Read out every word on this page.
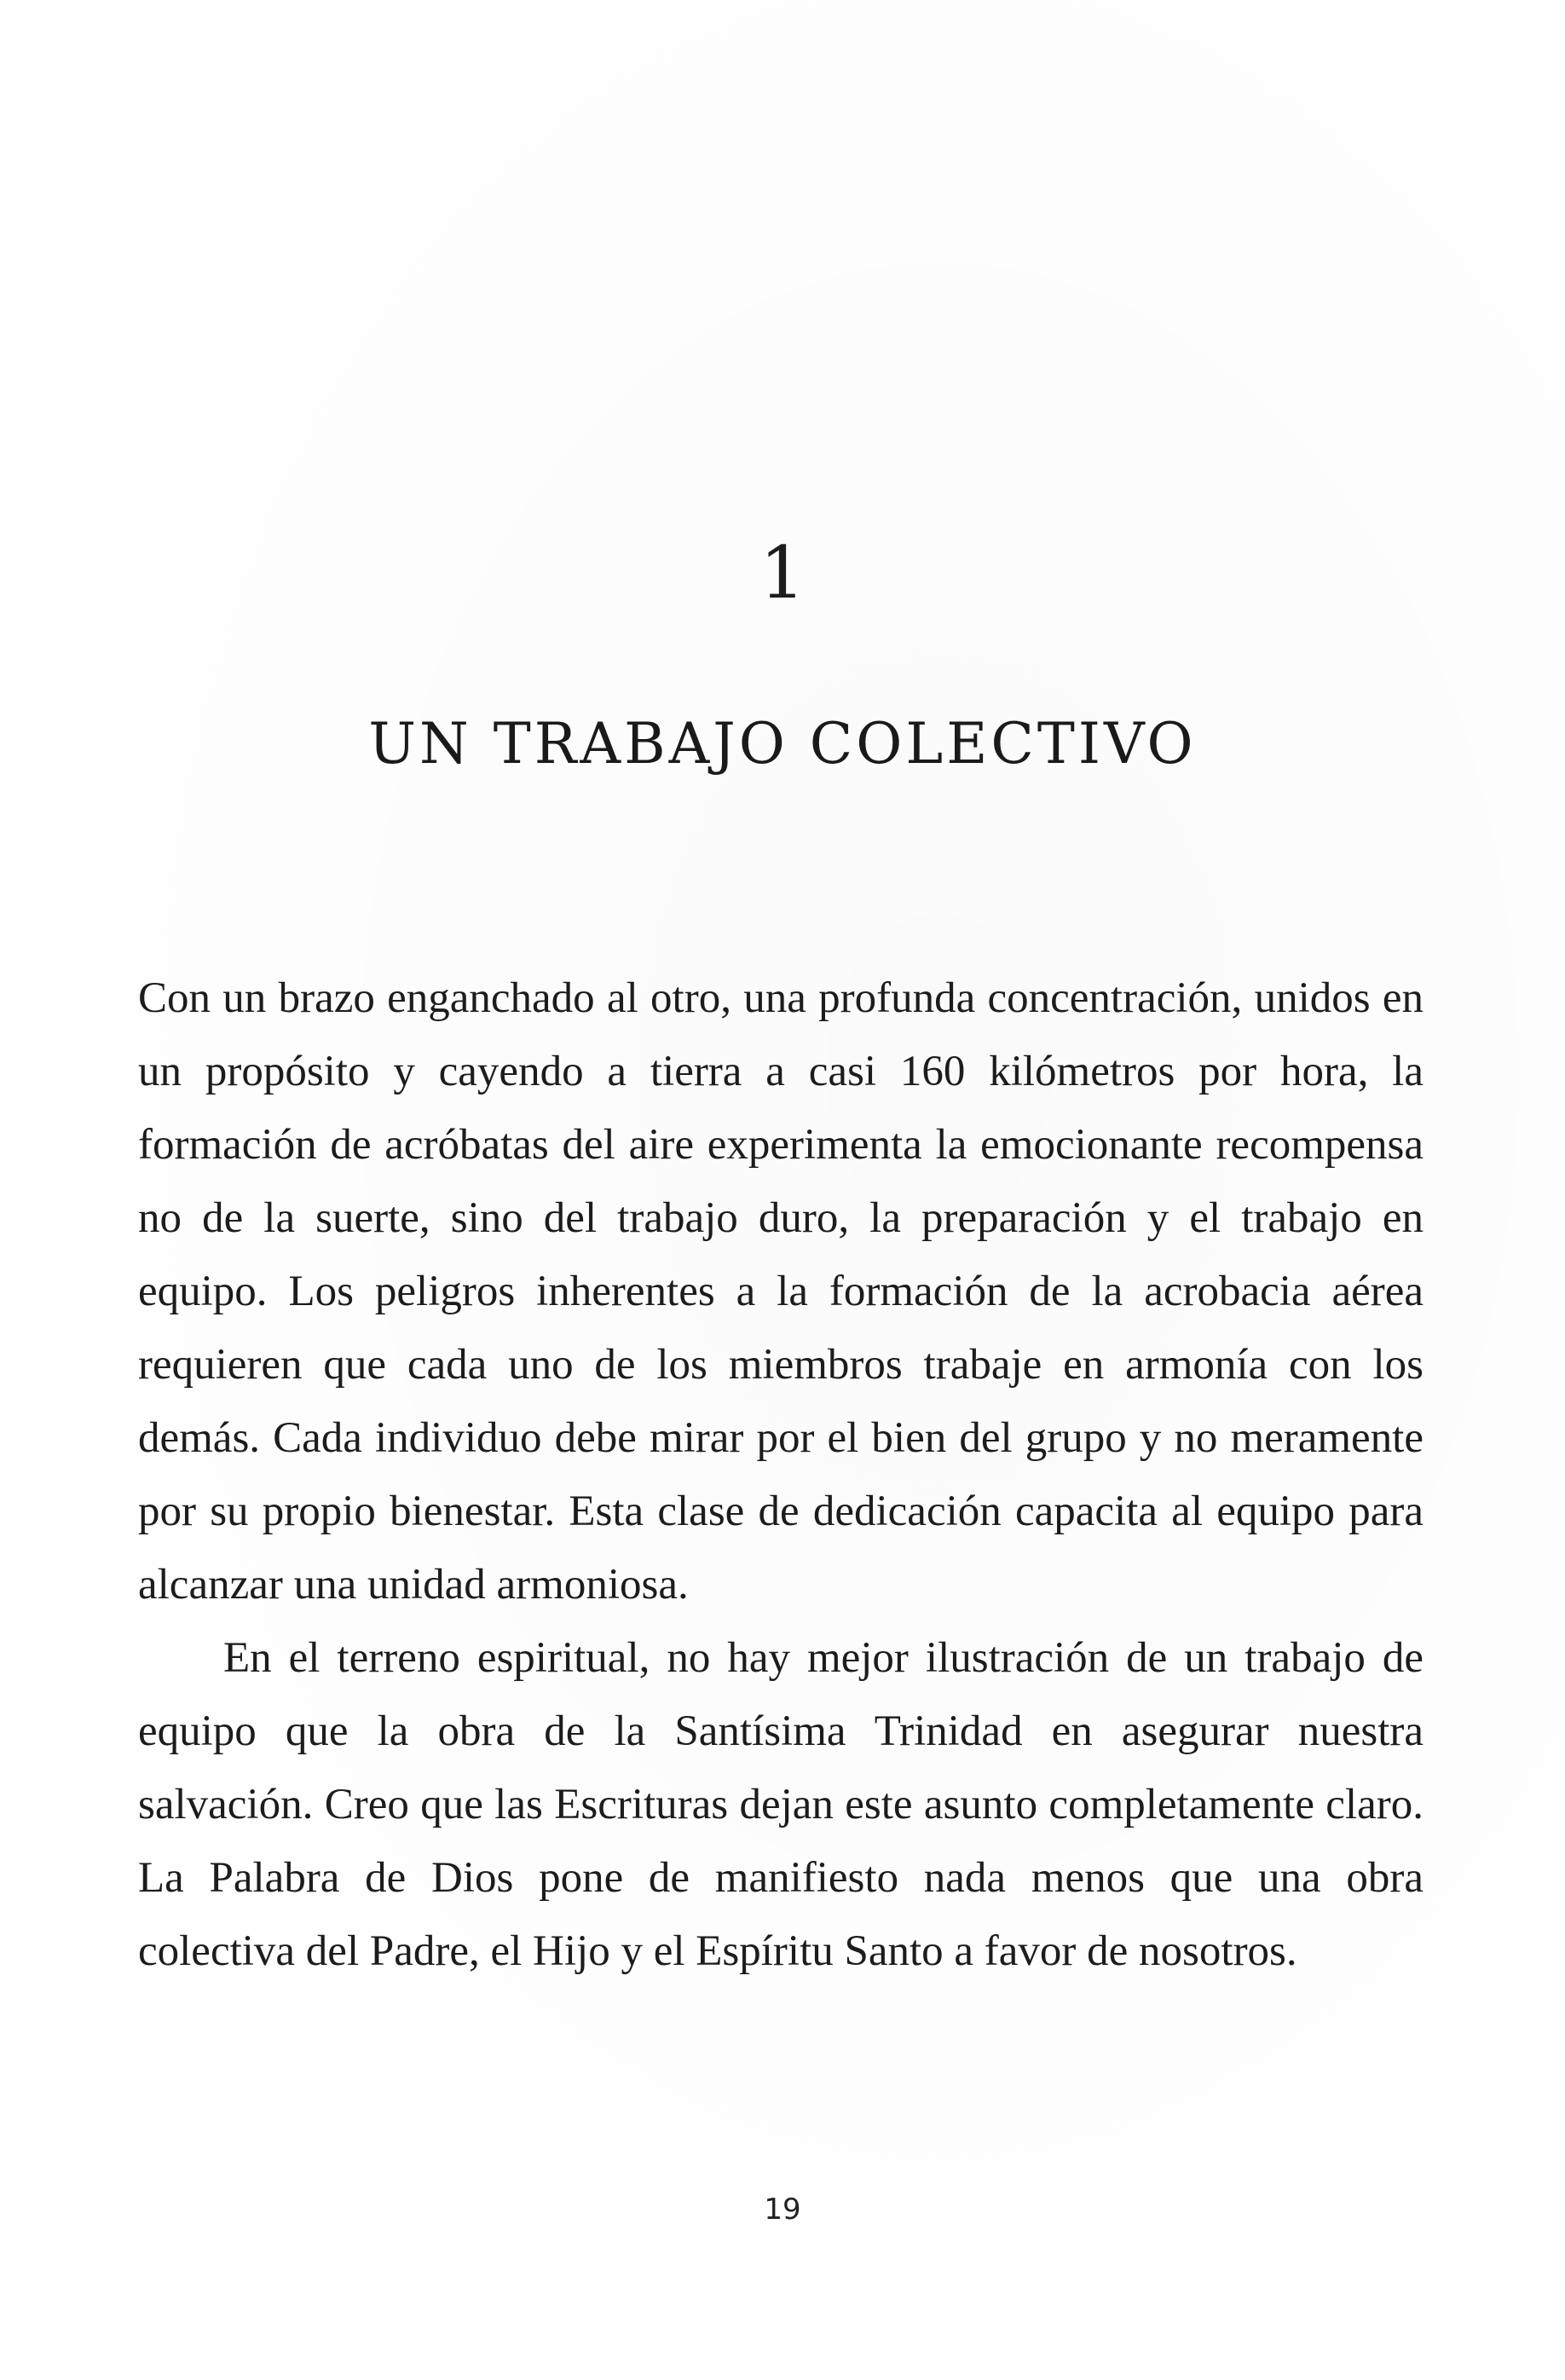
1
UN TRABAJO COLECTIVO

Con un brazo enganchado al otro, una profunda concentración, unidos en un propósito y cayendo a tierra a casi 160 kilómetros por hora, la formación de acróbatas del aire experimenta la emocionante recompensa no de la suerte, sino del trabajo duro, la preparación y el trabajo en equipo. Los peligros inherentes a la formación de la acrobacia aérea requieren que cada uno de los miembros trabaje en armonía con los demás. Cada individuo debe mirar por el bien del grupo y no meramente por su propio bienestar. Esta clase de dedicación capacita al equipo para alcanzar una unidad armoniosa.

En el terreno espiritual, no hay mejor ilustración de un trabajo de equipo que la obra de la Santísima Trinidad en asegurar nuestra salvación. Creo que las Escrituras dejan este asunto completamente claro. La Palabra de Dios pone de manifiesto nada menos que una obra colectiva del Padre, el Hijo y el Espíritu Santo a favor de nosotros.

19
